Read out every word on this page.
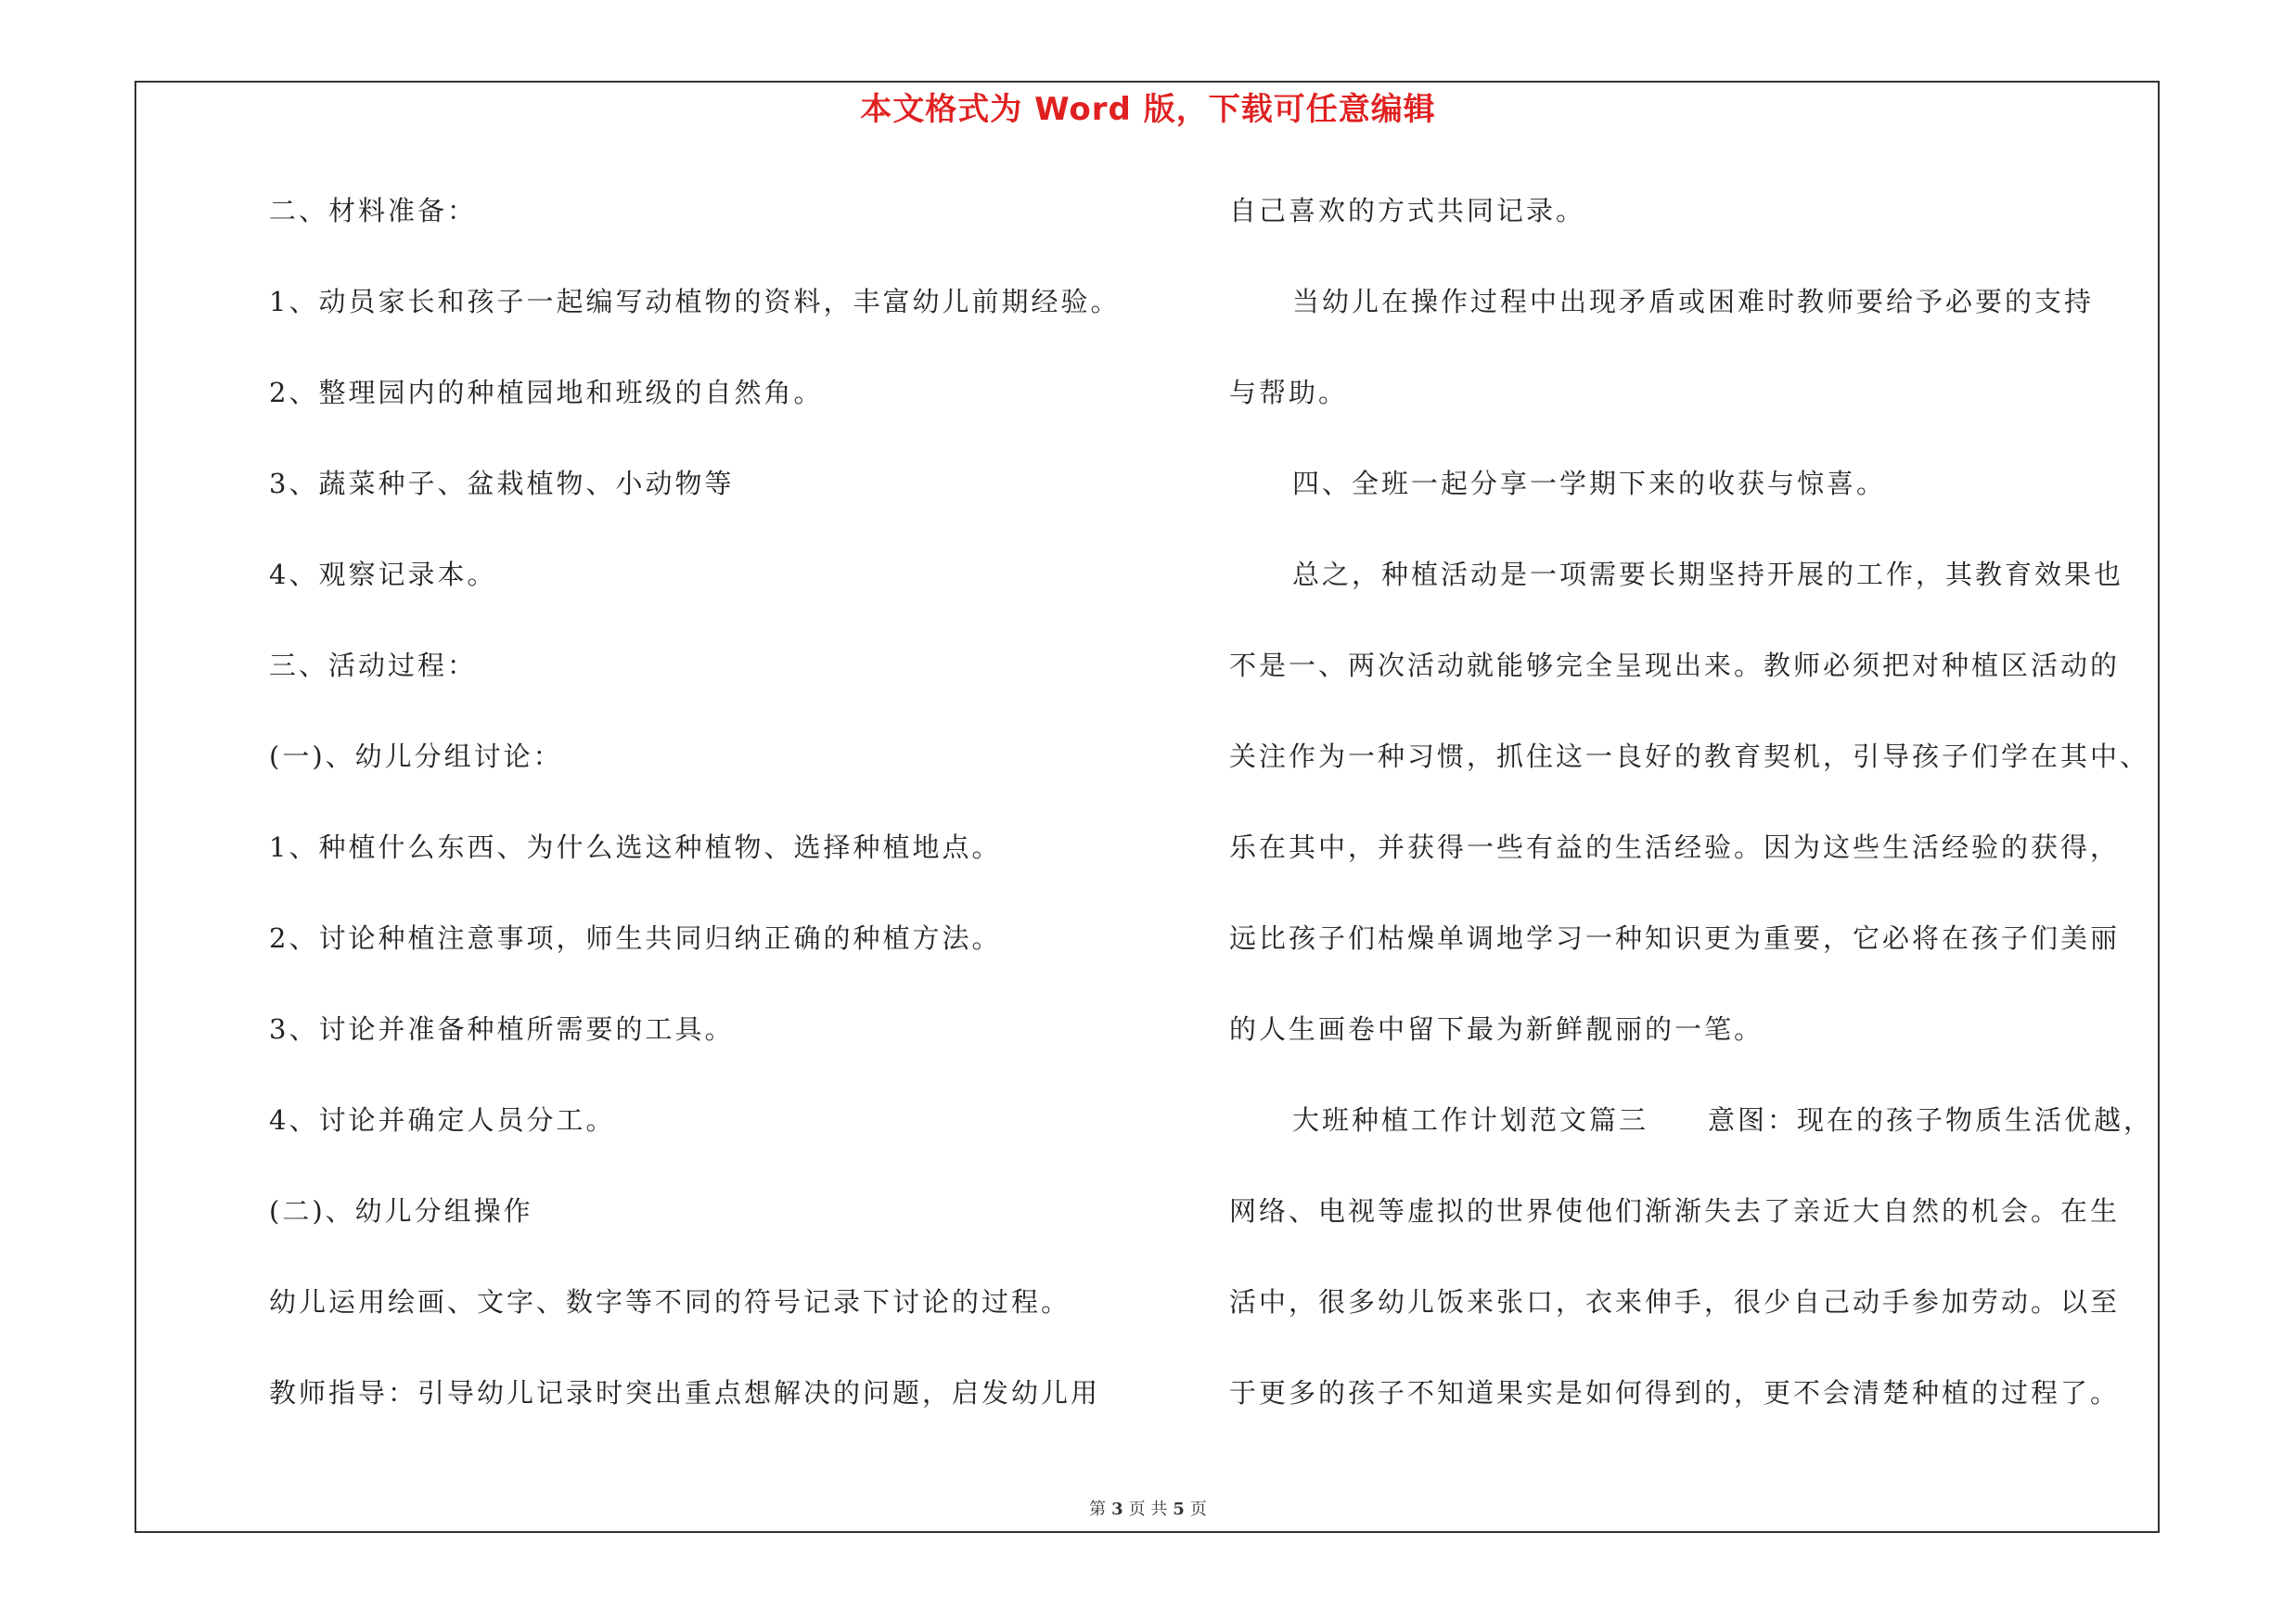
本文格式为 Word 版，下载可任意编辑
二、材料准备：
1、动员家长和孩子一起编写动植物的资料，丰富幼儿前期经验。
2、整理园内的种植园地和班级的自然角。
3、蔬菜种子、盆栽植物、小动物等
4、观察记录本。
三、活动过程：
(一)、幼儿分组讨论：
1、种植什么东西、为什么选这种植物、选择种植地点。
2、讨论种植注意事项，师生共同归纳正确的种植方法。
3、讨论并准备种植所需要的工具。
4、讨论并确定人员分工。
(二)、幼儿分组操作
幼儿运用绘画、文字、数字等不同的符号记录下讨论的过程。
教师指导：引导幼儿记录时突出重点想解决的问题，启发幼儿用
自己喜欢的方式共同记录。
当幼儿在操作过程中出现矛盾或困难时教师要给予必要的支持
与帮助。
四、全班一起分享一学期下来的收获与惊喜。
总之，种植活动是一项需要长期坚持开展的工作，其教育效果也
不是一、两次活动就能够完全呈现出来。教师必须把对种植区活动的
关注作为一种习惯，抓住这一良好的教育契机，引导孩子们学在其中、
乐在其中，并获得一些有益的生活经验。因为这些生活经验的获得，
远比孩子们枯燥单调地学习一种知识更为重要，它必将在孩子们美丽
的人生画卷中留下最为新鲜靓丽的一笔。
大班种植工作计划范文篇三　　意图：现在的孩子物质生活优越，
网络、电视等虚拟的世界使他们渐渐失去了亲近大自然的机会。在生
活中，很多幼儿饭来张口，衣来伸手，很少自己动手参加劳动。以至
于更多的孩子不知道果实是如何得到的，更不会清楚种植的过程了。
第 3 页 共 5 页
